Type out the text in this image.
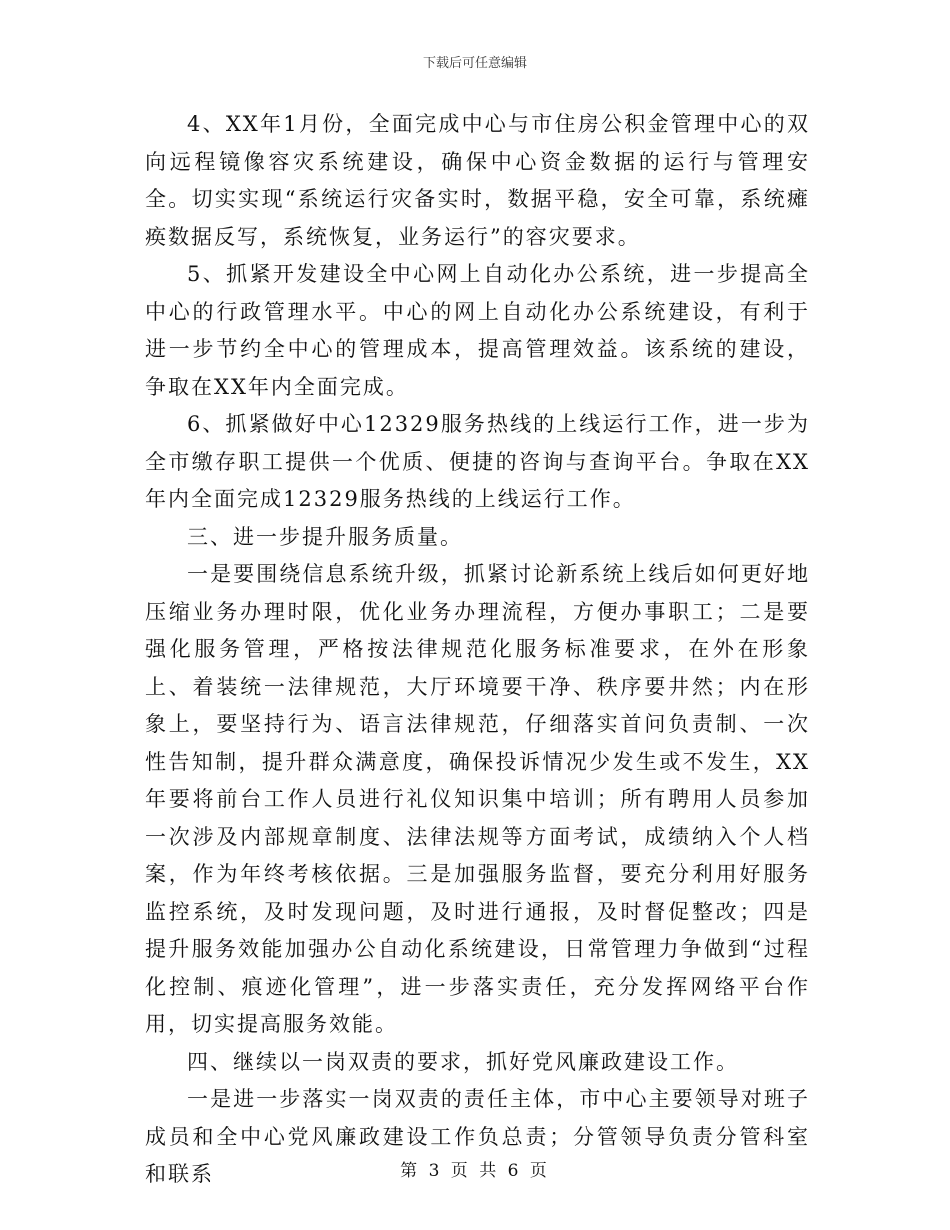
下载后可任意编辑

4、XX年1月份，全面完成中心与市住房公积金管理中心的双向远程镜像容灾系统建设，确保中心资金数据的运行与管理安全。切实实现“系统运行灾备实时，数据平稳，安全可靠，系统瘫痪数据反写，系统恢复，业务运行”的容灾要求。

5、抓紧开发建设全中心网上自动化办公系统，进一步提高全中心的行政管理水平。中心的网上自动化办公系统建设，有利于进一步节约全中心的管理成本，提高管理效益。该系统的建设，争取在XX年内全面完成。

6、抓紧做好中心12329服务热线的上线运行工作，进一步为全市缴存职工提供一个优质、便捷的咨询与查询平台。争取在XX年内全面完成12329服务热线的上线运行工作。

三、进一步提升服务质量。

一是要围绕信息系统升级，抓紧讨论新系统上线后如何更好地压缩业务办理时限，优化业务办理流程，方便办事职工；二是要强化服务管理，严格按法律规范化服务标准要求，在外在形象上、着装统一法律规范，大厅环境要干净、秩序要井然；内在形象上，要坚持行为、语言法律规范，仔细落实首问负责制、一次性告知制，提升群众满意度，确保投诉情况少发生或不发生，XX年要将前台工作人员进行礼仪知识集中培训；所有聘用人员参加一次涉及内部规章制度、法律法规等方面考试，成绩纳入个人档案，作为年终考核依据。三是加强服务监督，要充分利用好服务监控系统，及时发现问题，及时进行通报，及时督促整改；四是提升服务效能加强办公自动化系统建设，日常管理力争做到“过程化控制、痕迹化管理”，进一步落实责任，充分发挥网络平台作用，切实提高服务效能。

四、继续以一岗双责的要求，抓好党风廉政建设工作。

一是进一步落实一岗双责的责任主体，市中心主要领导对班子成员和全中心党风廉政建设工作负总责；分管领导负责分管科室和联系	第 3 页 共 6 页
